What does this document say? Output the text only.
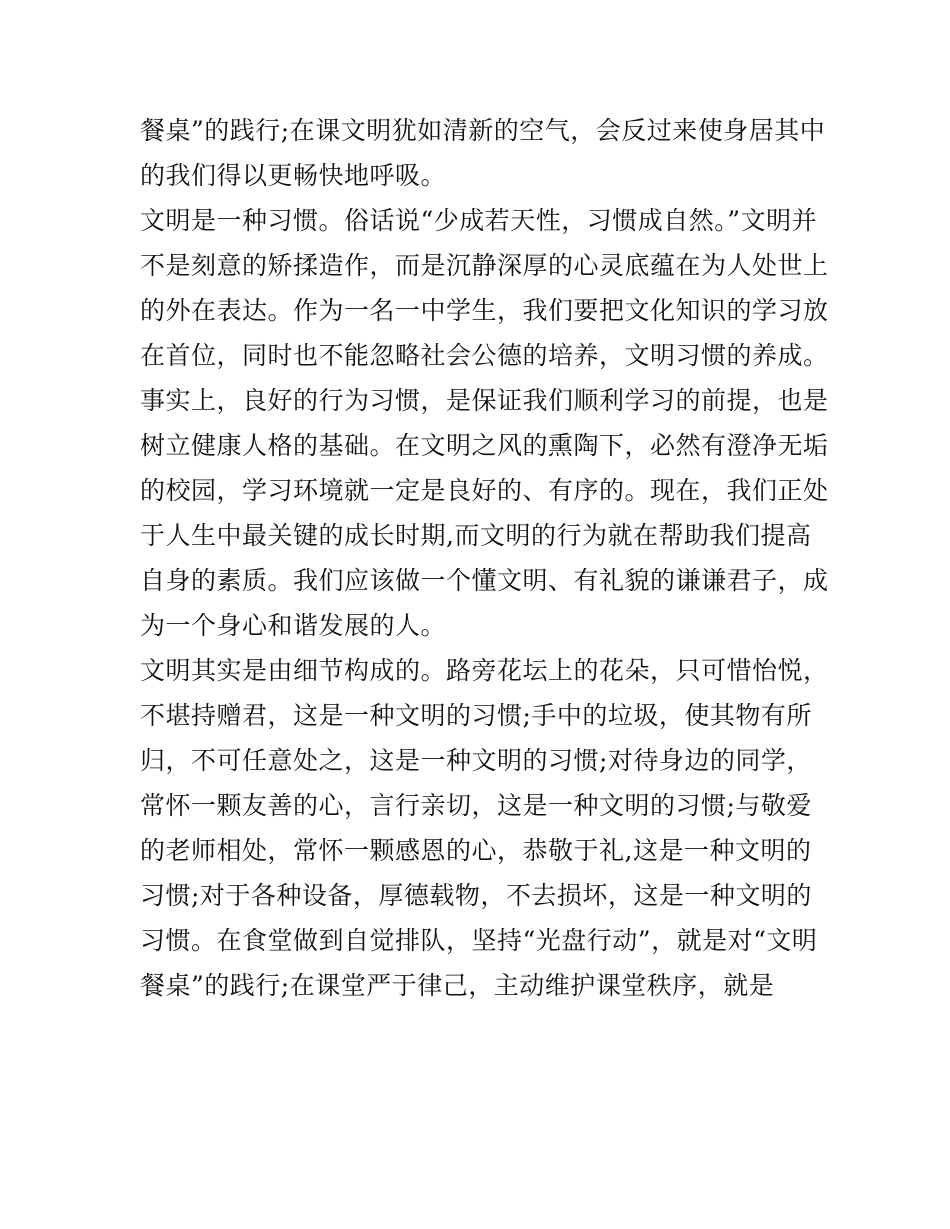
餐桌”的践行;在课文明犹如清新的空气，会反过来使身居其中

的我们得以更畅快地呼吸。

文明是一种习惯。俗话说“少成若天性，习惯成自然。”文明并

不是刻意的矫揉造作，而是沉静深厚的心灵底蕴在为人处世上

的外在表达。作为一名一中学生，我们要把文化知识的学习放

在首位，同时也不能忽略社会公德的培养，文明习惯的养成。

事实上，良好的行为习惯，是保证我们顺利学习的前提，也是

树立健康人格的基础。在文明之风的熏陶下，必然有澄净无垢

的校园，学习环境就一定是良好的、有序的。现在，我们正处

于人生中最关键的成长时期,而文明的行为就在帮助我们提高

自身的素质。我们应该做一个懂文明、有礼貌的谦谦君子，成

为一个身心和谐发展的人。

文明其实是由细节构成的。路旁花坛上的花朵，只可惜怡悦，

不堪持赠君，这是一种文明的习惯;手中的垃圾，使其物有所

归，不可任意处之，这是一种文明的习惯;对待身边的同学，

常怀一颗友善的心，言行亲切，这是一种文明的习惯;与敬爱

的老师相处，常怀一颗感恩的心，恭敬于礼,这是一种文明的

习惯;对于各种设备，厚德载物，不去损坏，这是一种文明的

习惯。在食堂做到自觉排队，坚持“光盘行动”，就是对“文明

餐桌”的践行;在课堂严于律己，主动维护课堂秩序，就是
